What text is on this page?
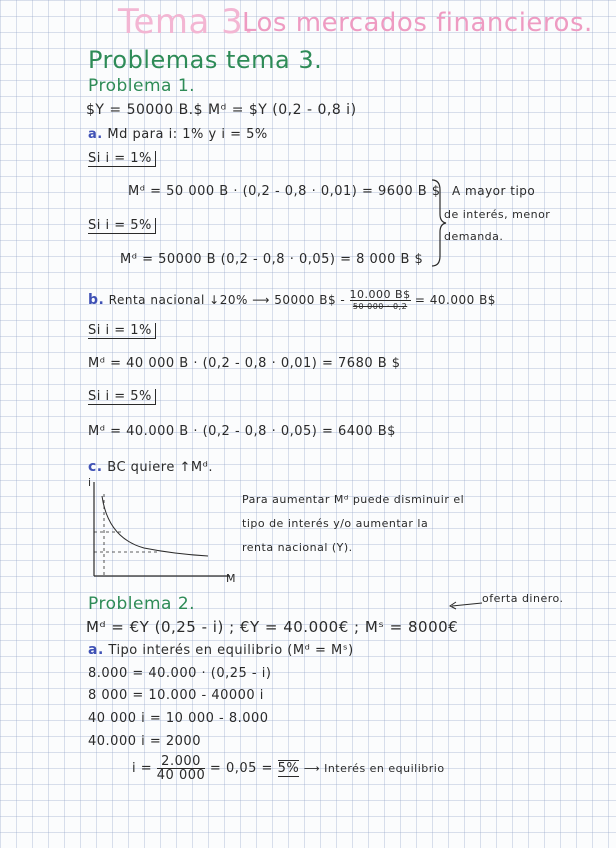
Tema 3.
Los mercados financieros.
Problemas tema 3.
Problema 1.
$Y = 50000 B.$ Mᵈ = $Y (0,2 - 0,8 i)
a. Md para i: 1% y i = 5%
Si i = 1%
Mᵈ = 50 000 B · (0,2 - 0,8 · 0,01) = 9600 B $
Si i = 5%
Mᵈ = 50000 B (0,2 - 0,8 · 0,05) = 8 000 B $
A mayor tipo
de interés, menor
demanda.
b. Renta nacional ↓20% ⟶ 50000 B$ - 10.000 B$
50 000 · 0,2 = 40.000 B$
Si i = 1%
Mᵈ = 40 000 B · (0,2 - 0,8 · 0,01) = 7680 B $
Si i = 5%
Mᵈ = 40.000 B · (0,2 - 0,8 · 0,05) = 6400 B$
c. BC quiere ↑Mᵈ.
i
M
Para aumentar Mᵈ puede disminuir el
tipo de interés y/o aumentar la
renta nacional (Y).
Problema 2.	oferta dinero.
Mᵈ = €Y (0,25 - i) ; €Y = 40.000€ ; Mˢ = 8000€
a. Tipo interés en equilibrio (Mᵈ = Mˢ)
8.000 = 40.000 · (0,25 - i)
8 000 = 10.000 - 40000 i
40 000 i = 10 000 - 8.000
40.000 i = 2000
$i = \frac{2.000}{40 000} = 0,05 = 5\%$ ⟶ Interés en equilibrio
